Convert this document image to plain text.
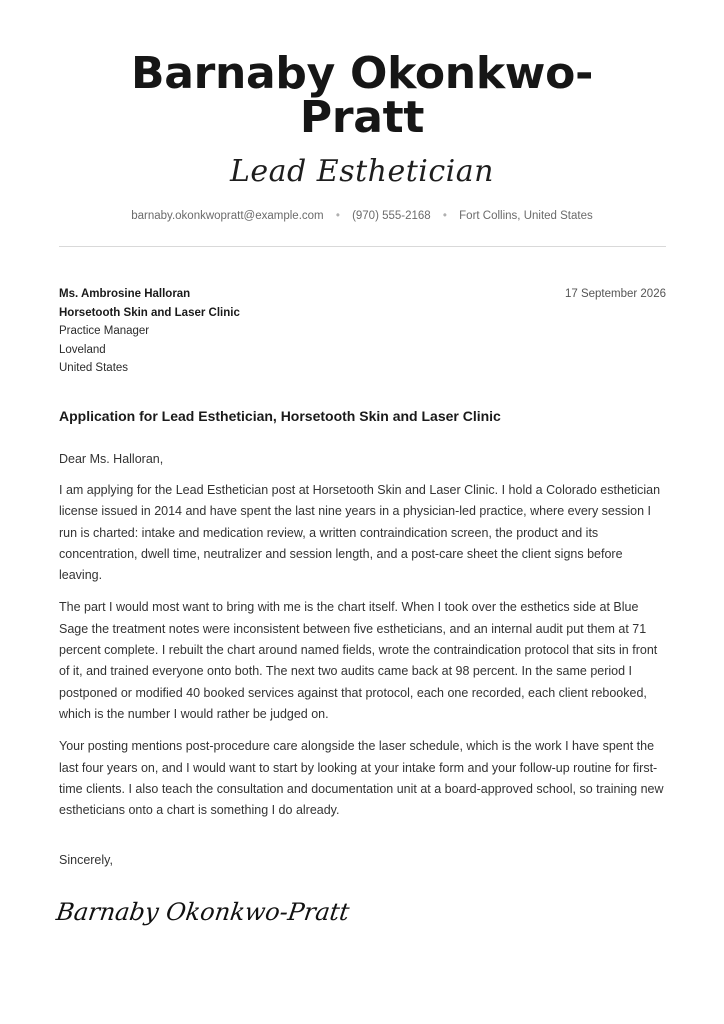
Barnaby Okonkwo-
Pratt
Lead Esthetician
barnaby.okonkwopratt@example.com • (970) 555-2168 • Fort Collins, United States
Ms. Ambrosine Halloran
Horsetooth Skin and Laser Clinic
Practice Manager
Loveland
United States
17 September 2026
Application for Lead Esthetician, Horsetooth Skin and Laser Clinic
Dear Ms. Halloran,

I am applying for the Lead Esthetician post at Horsetooth Skin and Laser Clinic. I hold a Colorado esthetician license issued in 2014 and have spent the last nine years in a physician-led practice, where every session I run is charted: intake and medication review, a written contraindication screen, the product and its concentration, dwell time, neutralizer and session length, and a post-care sheet the client signs before leaving.

The part I would most want to bring with me is the chart itself. When I took over the esthetics side at Blue Sage the treatment notes were inconsistent between five estheticians, and an internal audit put them at 71 percent complete. I rebuilt the chart around named fields, wrote the contraindication protocol that sits in front of it, and trained everyone onto both. The next two audits came back at 98 percent. In the same period I postponed or modified 40 booked services against that protocol, each one recorded, each client rebooked, which is the number I would rather be judged on.

Your posting mentions post-procedure care alongside the laser schedule, which is the work I have spent the last four years on, and I would want to start by looking at your intake form and your follow-up routine for first-time clients. I also teach the consultation and documentation unit at a board-approved school, so training new estheticians onto a chart is something I do already.

Sincerely,
Barnaby Okonkwo-Pratt
